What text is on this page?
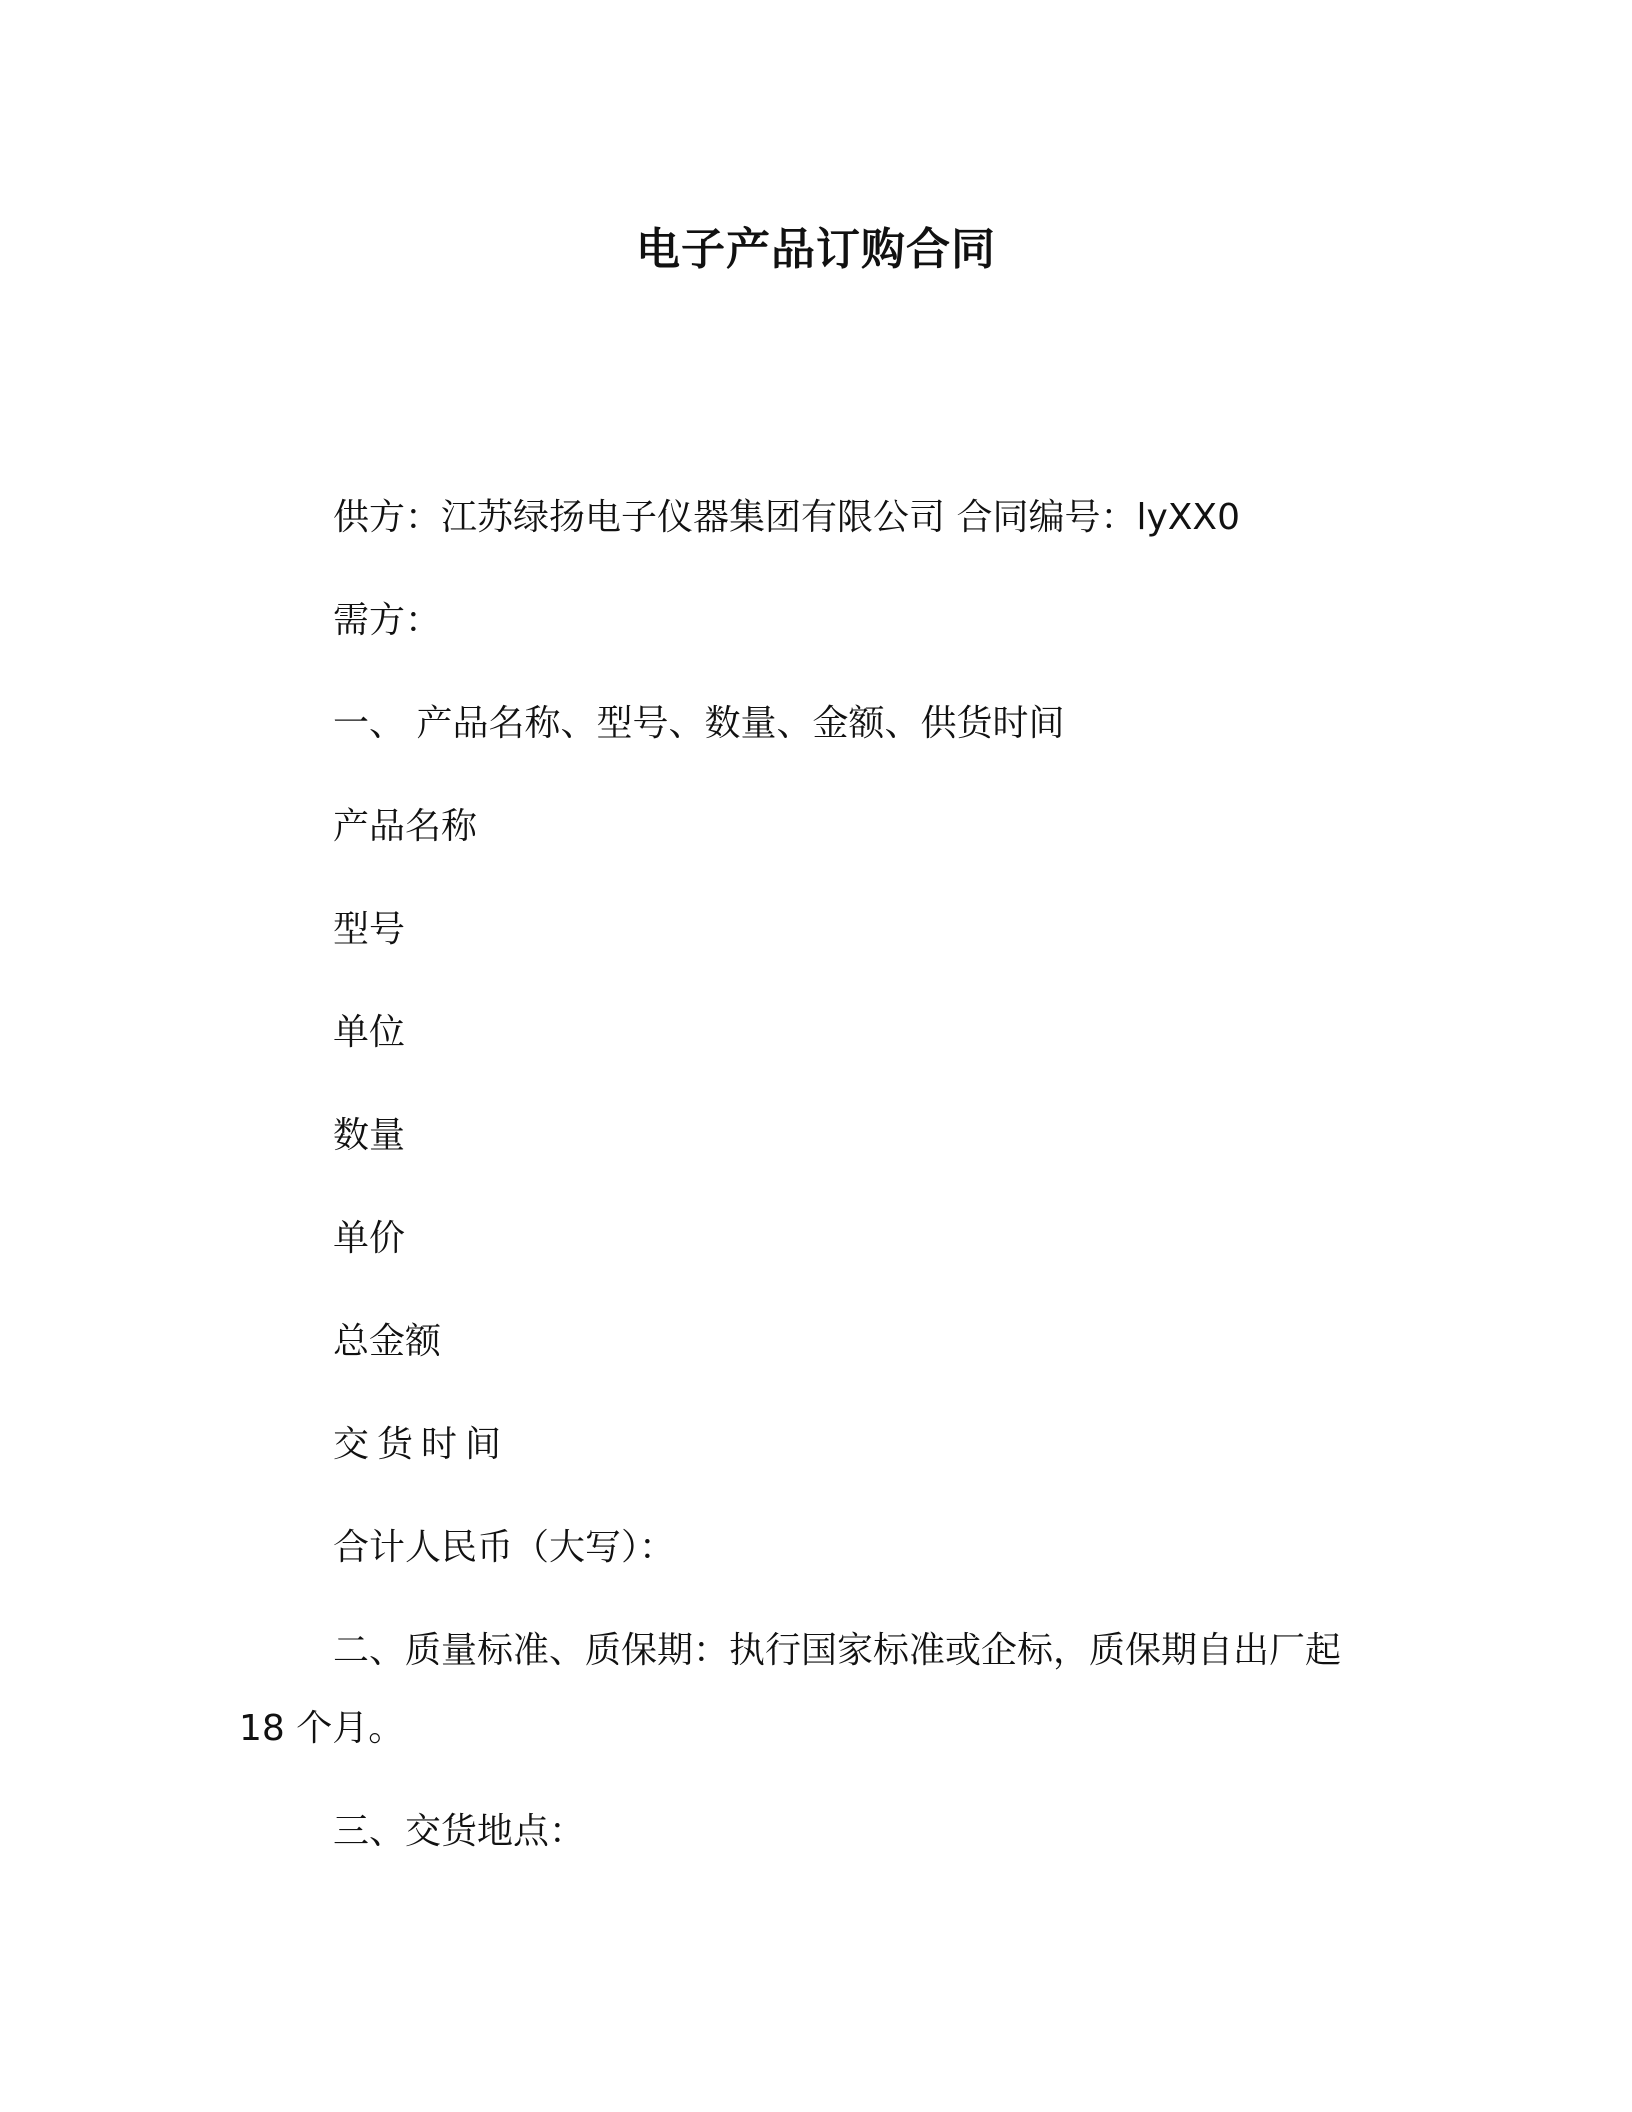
电子产品订购合同
供方：江苏绿扬电子仪器集团有限公司 合同编号：lyXX0
需方：
一、 产品名称、型号、数量、金额、供货时间
产品名称
型号
单位
数量
单价
总金额
交货时间
合计人民币（大写）：
二、质量标准、质保期：执行国家标准或企标，质保期自出厂起
18 个月。
三、交货地点：
